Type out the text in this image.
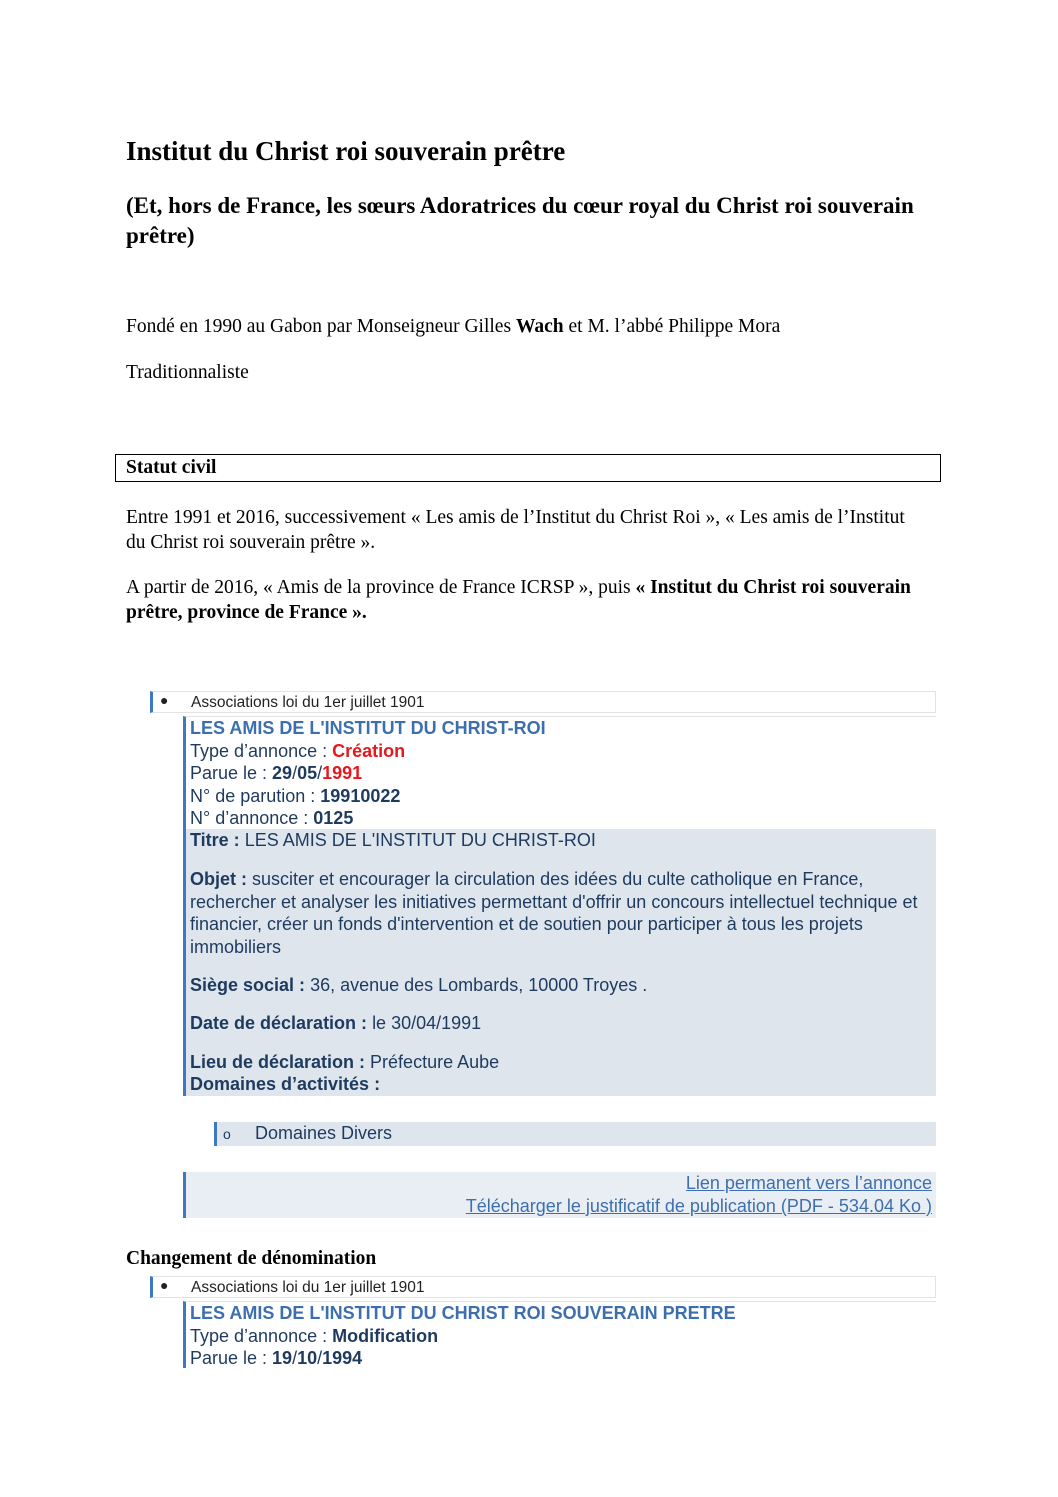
Institut du Christ roi souverain prêtre
(Et, hors de France, les sœurs Adoratrices du cœur royal du Christ roi souverain prêtre)
Fondé en 1990 au Gabon par Monseigneur Gilles Wach et M. l’abbé Philippe Mora
Traditionnaliste
Statut civil
Entre 1991 et 2016, successivement « Les amis de l’Institut du Christ Roi », « Les amis de l’Institut du Christ roi souverain prêtre ».
A partir de 2016, « Amis de la province de France ICRSP », puis « Institut du Christ roi souverain prêtre, province de France ».
● Associations loi du 1er juillet 1901
LES AMIS DE L'INSTITUT DU CHRIST-ROI
Type d’annonce : Création
Parue le : 29/05/1991
N° de parution : 19910022
N° d’annonce : 0125
Titre : LES AMIS DE L'INSTITUT DU CHRIST-ROI
Objet : susciter et encourager la circulation des idées du culte catholique en France, rechercher et analyser les initiatives permettant d'offrir un concours intellectuel technique et financier, créer un fonds d'intervention et de soutien pour participer à tous les projets immobiliers
Siège social : 36, avenue des Lombards, 10000 Troyes .
Date de déclaration : le 30/04/1991
Lieu de déclaration : Préfecture Aube
Domaines d’activités :
o Domaines Divers
Lien permanent vers l’annonce
Télécharger le justificatif de publication (PDF - 534.04 Ko )
Changement de dénomination
● Associations loi du 1er juillet 1901
LES AMIS DE L'INSTITUT DU CHRIST ROI SOUVERAIN PRETRE
Type d’annonce : Modification
Parue le : 19/10/1994
